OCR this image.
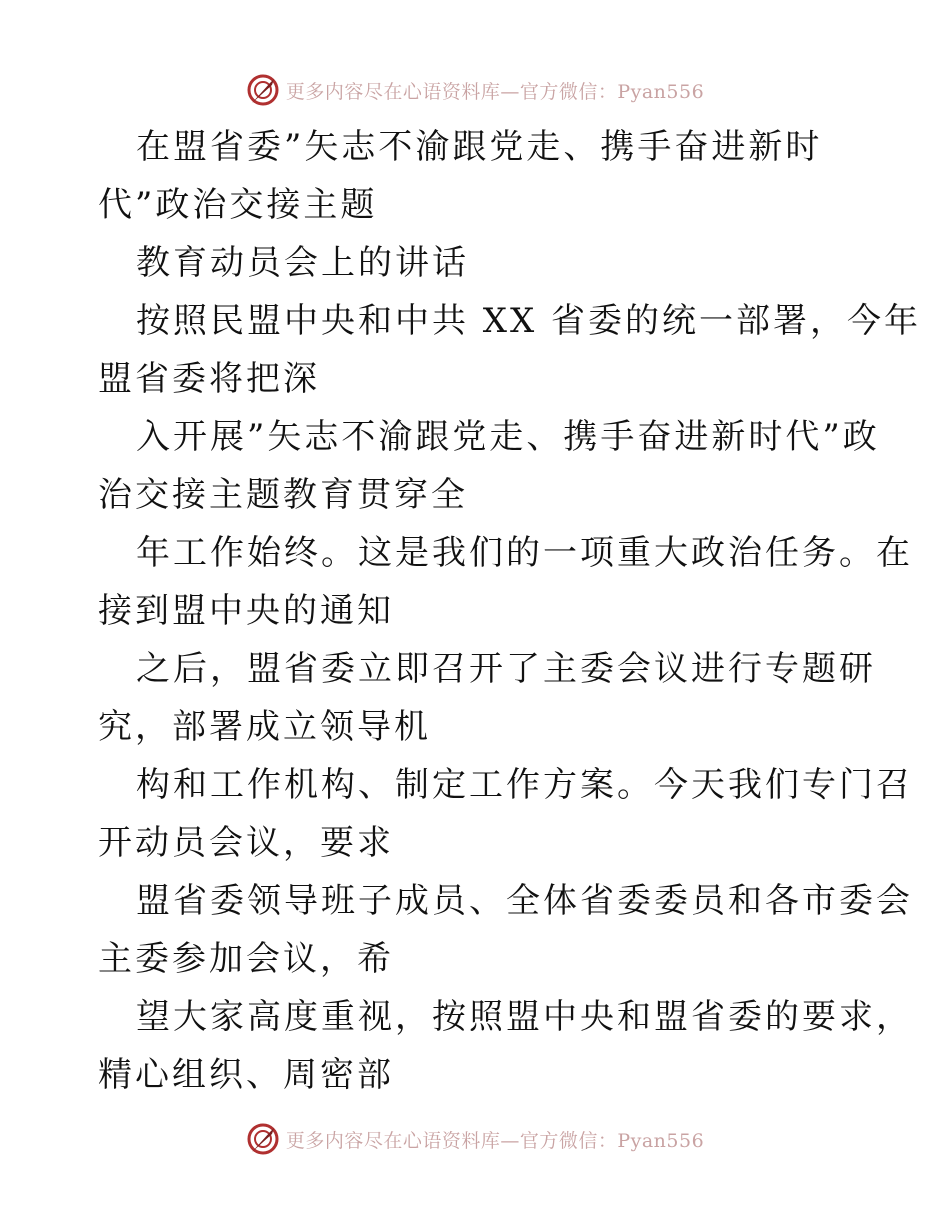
更多内容尽在心语资料库—官方微信：Pyan556
在盟省委”矢志不渝跟党走、携手奋进新时
代”政治交接主题
教育动员会上的讲话
按照民盟中央和中共 XX 省委的统一部署，今年
盟省委将把深
入开展”矢志不渝跟党走、携手奋进新时代”政
治交接主题教育贯穿全
年工作始终。这是我们的一项重大政治任务。在
接到盟中央的通知
之后，盟省委立即召开了主委会议进行专题研
究，部署成立领导机
构和工作机构、制定工作方案。今天我们专门召
开动员会议，要求
盟省委领导班子成员、全体省委委员和各市委会
主委参加会议，希
望大家高度重视，按照盟中央和盟省委的要求，
精心组织、周密部
更多内容尽在心语资料库—官方微信：Pyan556
